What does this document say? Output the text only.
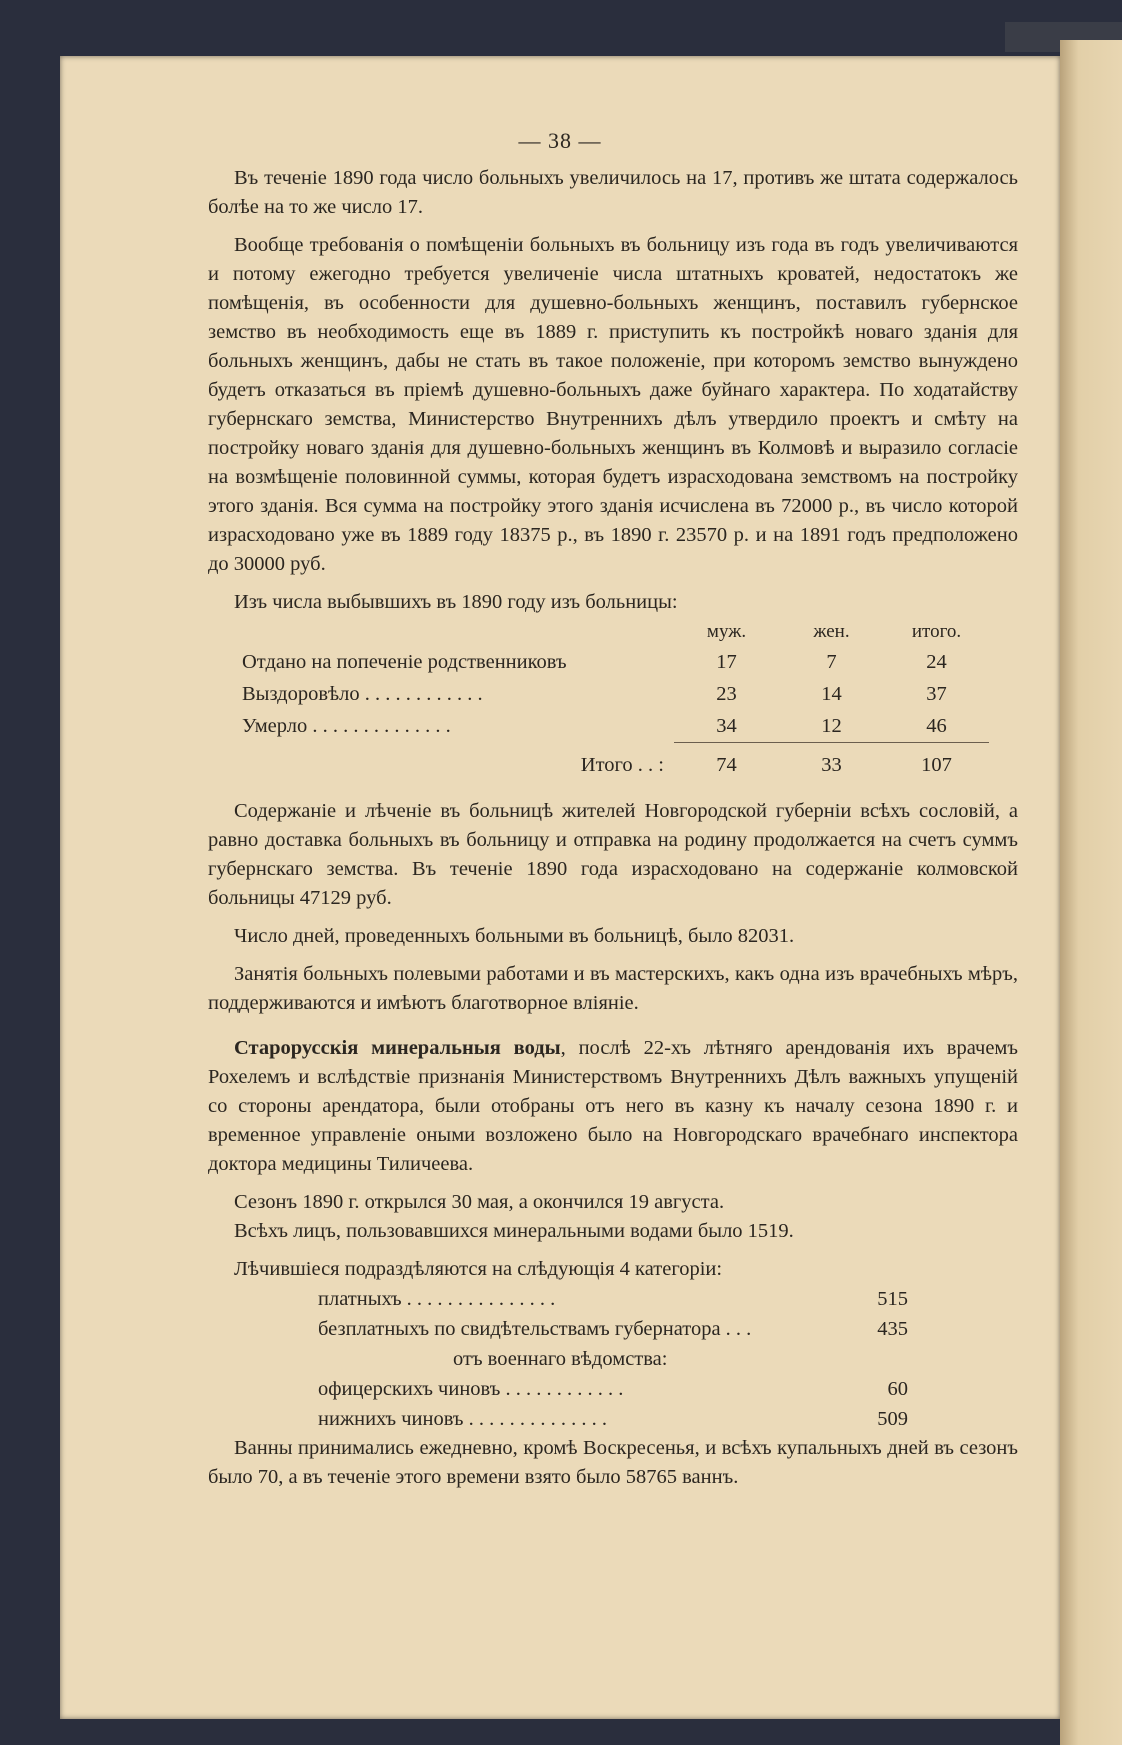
— 38 —

Въ теченіе 1890 года число больныхъ увеличилось на 17, противъ же штата содержалось болѣе на то же число 17.

Вообще требованія о помѣщеніи больныхъ въ больницу изъ года въ годъ увеличиваются и потому ежегодно требуется увеличеніе числа штатныхъ кроватей, недостатокъ же помѣщенія, въ особенности для душевно-больныхъ женщинъ, поставилъ губернское земство въ необходимость еще въ 1889 г. приступить къ постройкѣ новаго зданія для больныхъ женщинъ, дабы не стать въ такое положеніе, при которомъ земство вынуждено будетъ отказаться въ пріемѣ душевно-больныхъ даже буйнаго характера. По ходатайству губернскаго земства, Министерство Внутреннихъ дѣлъ утвердило проектъ и смѣту на постройку новаго зданія для душевно-больныхъ женщинъ въ Колмовѣ и выразило согласіе на возмѣщеніе половинной суммы, которая будетъ израсходована земствомъ на постройку этого зданія. Вся сумма на постройку этого зданія исчислена въ 72000 р., въ число которой израсходовано уже въ 1889 году 18375 р., въ 1890 г. 23570 р. и на 1891 годъ предположено до 30000 руб.

Изъ числа выбывшихъ въ 1890 году изъ больницы:

	муж.	жен.	итого.
Отдано на попеченіе родственниковъ	17	7	24
Выздоровѣло . . . . . . . . . . . .	23	14	37
Умерло . . . . . . . . . . . . . .	34	12	46

Итого . . :	74	33	107

Содержаніе и лѣченіе въ больницѣ жителей Новгородской губерніи всѣхъ сословій, а равно доставка больныхъ въ больницу и отправка на родину продолжается на счетъ суммъ губернскаго земства. Въ теченіе 1890 года израсходовано на содержаніе колмовской больницы 47129 руб.

Число дней, проведенныхъ больными въ больницѣ, было 82031.

Занятія больныхъ полевыми работами и въ мастерскихъ, какъ одна изъ врачебныхъ мѣръ, поддерживаются и имѣютъ благотворное вліяніе.

Старорусскія минеральныя воды, послѣ 22-хъ лѣтняго арендованія ихъ врачемъ Рохелемъ и вслѣдствіе признанія Министерствомъ Внутреннихъ Дѣлъ важныхъ упущеній со стороны арендатора, были отобраны отъ него въ казну къ началу сезона 1890 г. и временное управленіе оными возложено было на Новгородскаго врачебнаго инспектора доктора медицины Тиличеева.

Сезонъ 1890 г. открылся 30 мая, а окончился 19 августа.

Всѣхъ лицъ, пользовавшихся минеральными водами было 1519.

Лѣчившіеся подраздѣляются на слѣдующія 4 категоріи:

платныхъ . . . . . . . . . . . . . . .	515
безплатныхъ по свидѣтельствамъ губернатора . . .	435
отъ военнаго вѣдомства:
офицерскихъ чиновъ . . . . . . . . . . . .	60
нижнихъ чиновъ . . . . . . . . . . . . . .	509

Ванны принимались ежедневно, кромѣ Воскресенья, и всѣхъ купальныхъ дней въ сезонъ было 70, а въ теченіе этого времени взято было 58765 ваннъ.
